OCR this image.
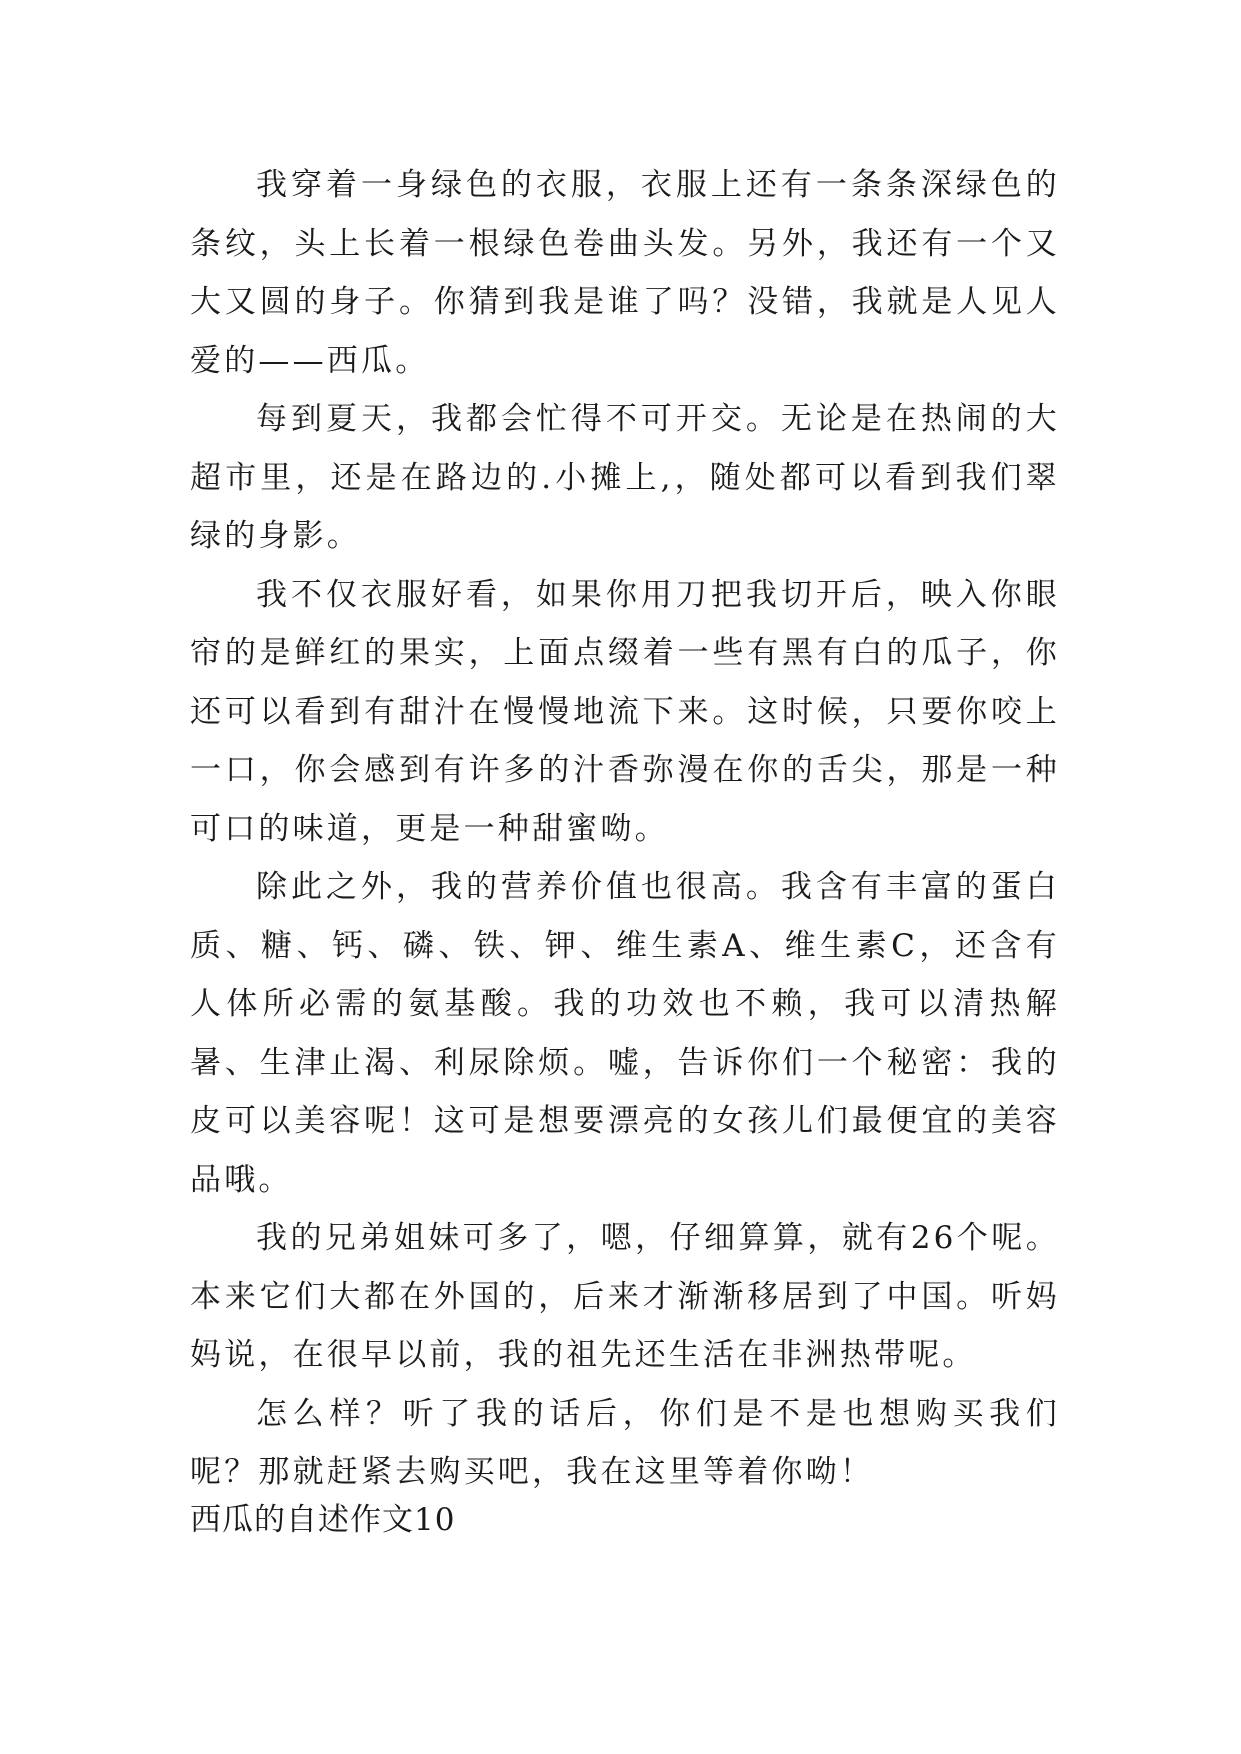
我穿着一身绿色的衣服，衣服上还有一条条深绿色的条纹，头上长着一根绿色卷曲头发。另外，我还有一个又大又圆的身子。你猜到我是谁了吗？没错，我就是人见人爱的——西瓜。

每到夏天，我都会忙得不可开交。无论是在热闹的大超市里，还是在路边的.小摊上,，随处都可以看到我们翠绿的身影。

我不仅衣服好看，如果你用刀把我切开后，映入你眼帘的是鲜红的果实，上面点缀着一些有黑有白的瓜子，你还可以看到有甜汁在慢慢地流下来。这时候，只要你咬上一口，你会感到有许多的汁香弥漫在你的舌尖，那是一种可口的味道，更是一种甜蜜呦。

除此之外，我的营养价值也很高。我含有丰富的蛋白质、糖、钙、磷、铁、钾、维生素A、维生素C，还含有人体所必需的氨基酸。我的功效也不赖，我可以清热解暑、生津止渴、利尿除烦。嘘，告诉你们一个秘密：我的皮可以美容呢！这可是想要漂亮的女孩儿们最便宜的美容品哦。

我的兄弟姐妹可多了，嗯，仔细算算，就有26个呢。本来它们大都在外国的，后来才渐渐移居到了中国。听妈妈说，在很早以前，我的祖先还生活在非洲热带呢。

怎么样？听了我的话后，你们是不是也想购买我们呢？那就赶紧去购买吧，我在这里等着你呦！

西瓜的自述作文10
